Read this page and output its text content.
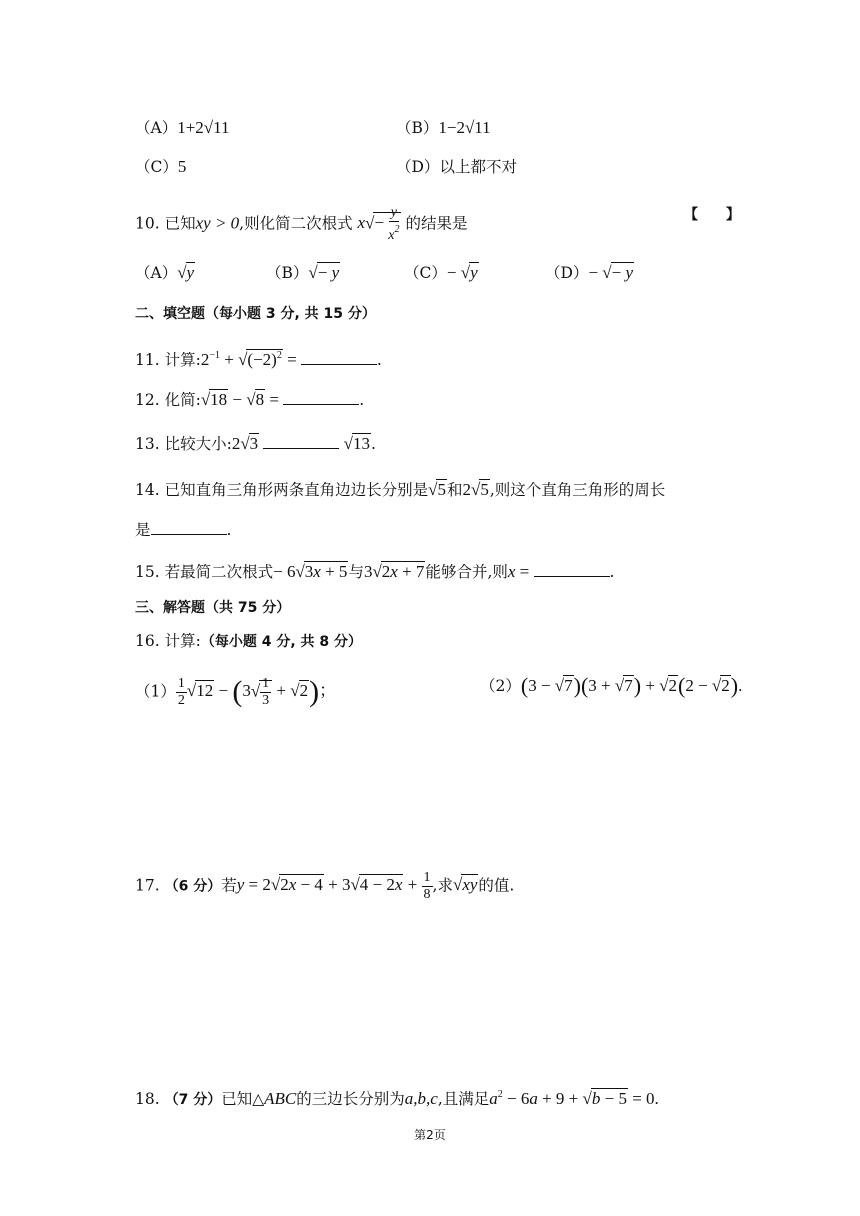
（A）1+2√11	（B）1−2√11
（C）5	（D）以上都不对
10. 已知xy > 0,则化简二次根式 $x√- \frac{y}{x^2}$ 的结果是	【　　】
（A）√y	（B）√− y	（C）− √y	（D）− √− y
二、填空题（每小题 3 分, 共 15 分）
11. 计算$:2^{-1} + √(-2)^2$ =	.
12. 化简:√18 − √8 =	.
13. 比较大小:2√3	√13.
14. 已知直角三角形两条直角边边长分别是√5和2√5,则这个直角三角形的周长
是	.
15. 若最简二次根式− 6√3x + 5与3√2x + 7能够合并,则x =	.
三、解答题（共 75 分）
16. 计算:（每小题 4 分, 共 8 分）
$(1) \frac{1}{2} √12 - (3√ \frac{1}{3} + √2)$；	（2）(3 − √7)(3 + √7) + √2(2 − √2).
17. （6 分）若$y = 2√2x - 4 + 3√4 - 2x + \frac{1}{8}$ ,求√xy的值.
18. （7 分）已知△ABC的三边长分别为a,b,c,且满足$a^2 - 6a + 9 + √b - 5 = 0$.
第2页
